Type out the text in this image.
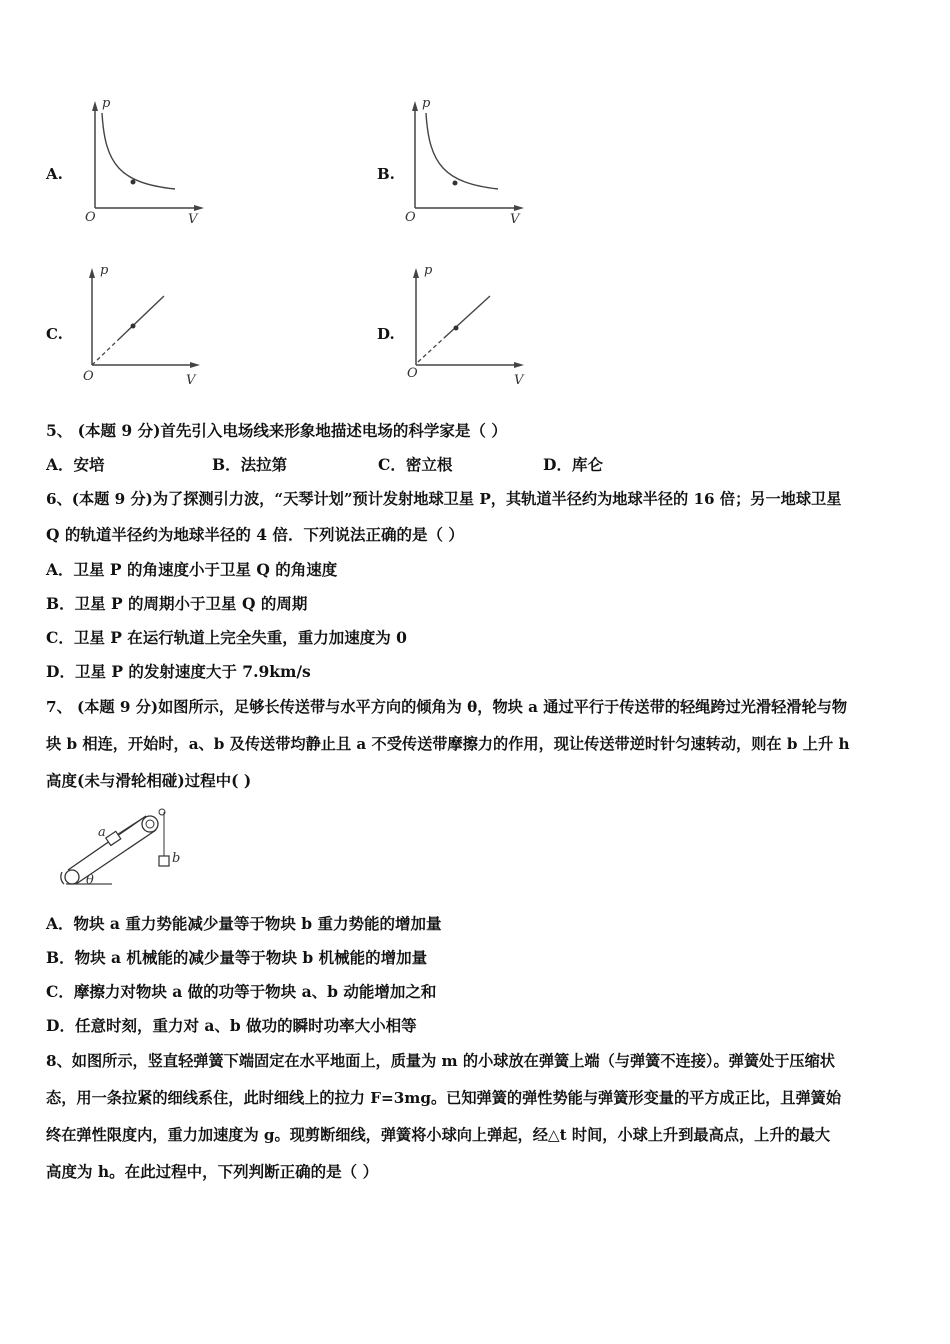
A.
p
O	V
B.
p
O	V
C.
p
O	V
D.
p
O	V
5、 (本题 9 分)首先引入电场线来形象地描述电场的科学家是（ ）
A．安培	B．法拉第	C．密立根	D．库仑
6、(本题 9 分)为了探测引力波，“天琴计划”预计发射地球卫星 P，其轨道半径约为地球半径的 16 倍；另一地球卫星
Q 的轨道半径约为地球半径的 4 倍．下列说法正确的是（ ）
A．卫星 P 的角速度小于卫星 Q 的角速度
B．卫星 P 的周期小于卫星 Q 的周期
C．卫星 P 在运行轨道上完全失重，重力加速度为 0
D．卫星 P 的发射速度大于 7.9km/s
7、 (本题 9 分)如图所示，足够长传送带与水平方向的倾角为 θ，物块 a 通过平行于传送带的轻绳跨过光滑轻滑轮与物
块 b 相连，开始时，a、b 及传送带均静止且 a 不受传送带摩擦力的作用，现让传送带逆时针匀速转动，则在 b 上升 h
高度(未与滑轮相碰)过程中( )
a
b
θ
A．物块 a 重力势能减少量等于物块 b 重力势能的增加量
B．物块 a 机械能的减少量等于物块 b 机械能的增加量
C．摩擦力对物块 a 做的功等于物块 a、b 动能增加之和
D．任意时刻，重力对 a、b 做功的瞬时功率大小相等
8、如图所示，竖直轻弹簧下端固定在水平地面上，质量为 m 的小球放在弹簧上端（与弹簧不连接）。弹簧处于压缩状
态，用一条拉紧的细线系住，此时细线上的拉力 F=3mg。已知弹簧的弹性势能与弹簧形变量的平方成正比，且弹簧始
终在弹性限度内，重力加速度为 g。现剪断细线，弹簧将小球向上弹起，经△t 时间，小球上升到最高点，上升的最大
高度为 h。在此过程中，下列判断正确的是（ ）
